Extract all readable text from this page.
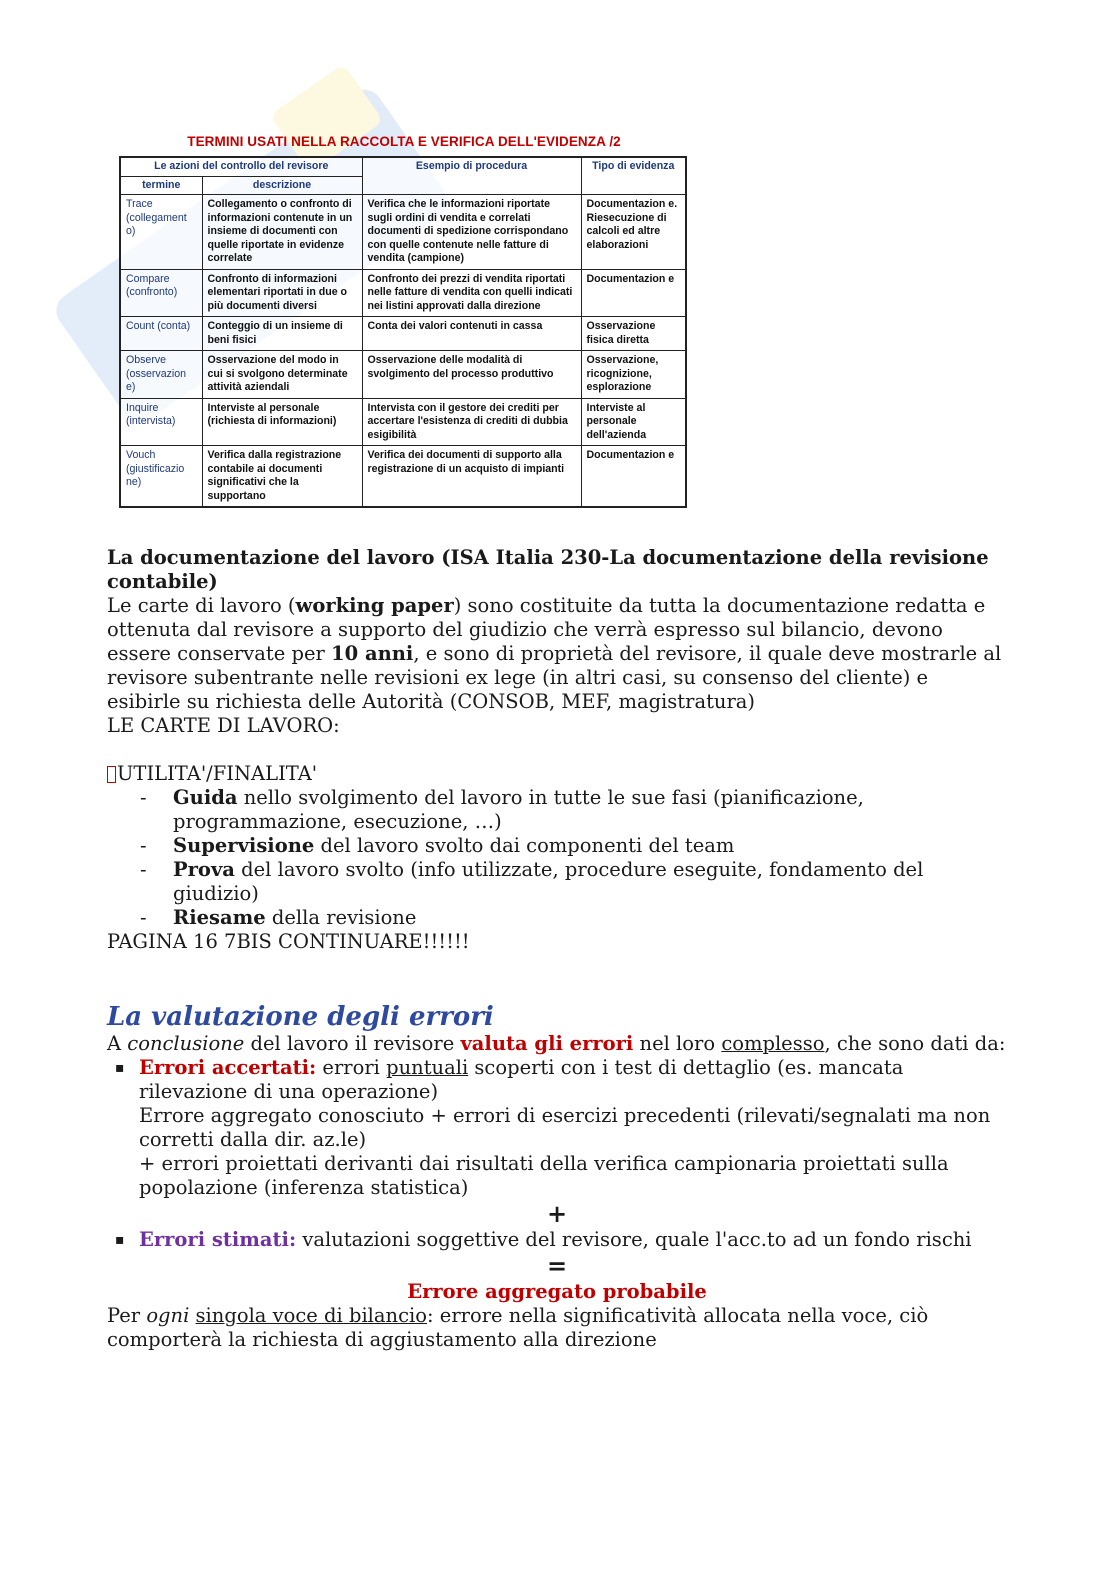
TERMINI USATI NELLA RACCOLTA E VERIFICA DELL'EVIDENZA /2
Le azioni del controllo del revisore		Esempio di procedura	Tipo di evidenza
termine	descrizione		
Trace (collegament o)	Collegamento o confronto di informazioni contenute in un insieme di documenti con quelle riportate in evidenze correlate	Verifica che le informazioni riportate sugli ordini di vendita e correlati documenti di spedizione corrispondano con quelle contenute nelle fatture di vendita (campione)	Documentazion e. Riesecuzione di calcoli ed altre elaborazioni
Compare (confronto)	Confronto di informazioni elementari riportati in due o più documenti diversi	Confronto dei prezzi di vendita riportati nelle fatture di vendita con quelli indicati nei listini approvati dalla direzione	Documentazion e
Count (conta)	Conteggio di un insieme di beni fisici	Conta dei valori contenuti in cassa	Osservazione fisica diretta
Observe (osservazion e)	Osservazione del modo in cui si svolgono determinate attività aziendali	Osservazione delle modalità di svolgimento del processo produttivo	Osservazione, ricognizione, esplorazione
Inquire (intervista)	Interviste al personale (richiesta di informazioni)	Intervista con il gestore dei crediti per accertare l'esistenza di crediti di dubbia esigibilità	Interviste al personale dell'azienda
Vouch (giustificazio ne)	Verifica dalla registrazione contabile ai documenti significativi che la supportano	Verifica dei documenti di supporto alla registrazione di un acquisto di impianti	Documentazion e

La documentazione del lavoro (ISA Italia 230-La documentazione della revisione contabile)

Le carte di lavoro (working paper) sono costituite da tutta la documentazione redatta e ottenuta dal revisore a supporto del giudizio che verrà espresso sul bilancio, devono essere conservate per 10 anni, e sono di proprietà del revisore, il quale deve mostrarle al revisore subentrante nelle revisioni ex lege (in altri casi, su consenso del cliente) e esibirle su richiesta delle Autorità (CONSOB, MEF, magistratura)

LE CARTE DI LAVORO:

UTILITA'/FINALITA'

- Guida nello svolgimento del lavoro in tutte le sue fasi (pianificazione, programmazione, esecuzione, …)
- Supervisione del lavoro svolto dai componenti del team
- Prova del lavoro svolto (info utilizzate, procedure eseguite, fondamento del giudizio)
- Riesame della revisione

PAGINA 16 7BIS CONTINUARE!!!!!!

La valutazione degli errori

A conclusione del lavoro il revisore valuta gli errori nel loro complesso, che sono dati da:

▪ Errori accertati: errori puntuali scoperti con i test di dettaglio (es. mancata rilevazione di una operazione)
Errore aggregato conosciuto + errori di esercizi precedenti (rilevati/segnalati ma non corretti dalla dir. az.le)
+ errori proiettati derivanti dai risultati della verifica campionaria proiettati sulla popolazione (inferenza statistica)
+
▪ Errori stimati: valutazioni soggettive del revisore, quale l'acc.to ad un fondo rischi
=
Errore aggregato probabile

Per ogni singola voce di bilancio: errore nella significatività allocata nella voce, ciò comporterà la richiesta di aggiustamento alla direzione
